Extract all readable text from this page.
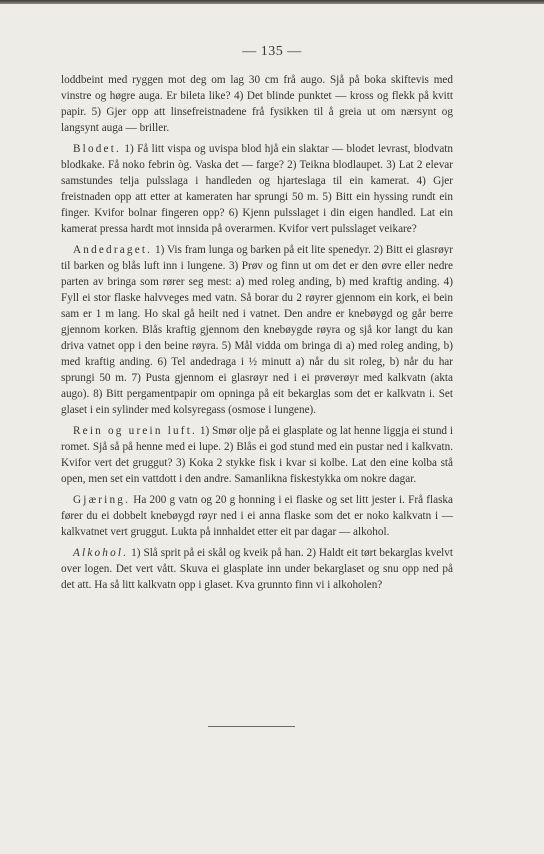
— 135 —

loddbeint med ryggen mot deg om lag 30 cm frå augo. Sjå på boka skiftevis med vinstre og høgre auga. Er bileta like? 4) Det blinde punktet — kross og flekk på kvitt papir. 5) Gjer opp att linsefreistnadene frå fysikken til å greia ut om nærsynt og langsynt auga — briller.

Blodet. 1) Få litt vispa og uvispa blod hjå ein slaktar — blodet levrast, blodvatn blodkake. Få noko febrin òg. Vaska det — farge? 2) Teikna blodlaupet. 3) Lat 2 elevar samstundes telja pulsslaga i handleden og hjarteslaga til ein kamerat. 4) Gjer freistnaden opp att etter at kameraten har sprungi 50 m. 5) Bitt ein hyssing rundt ein finger. Kvifor bolnar fingeren opp? 6) Kjenn pulsslaget i din eigen handled. Lat ein kamerat pressa hardt mot innsida på overarmen. Kvifor vert pulsslaget veikare?

Andedraget. 1) Vis fram lunga og barken på eit lite spenedyr. 2) Bitt ei glasrøyr til barken og blås luft inn i lungene. 3) Prøv og finn ut om det er den øvre eller nedre parten av bringa som rører seg mest: a) med roleg anding, b) med kraftig anding. 4) Fyll ei stor flaske halvveges med vatn. Så borar du 2 røyrer gjennom ein kork, ei bein sam er 1 m lang. Ho skal gå heilt ned i vatnet. Den andre er knebøygd og går berre gjennom korken. Blås kraftig gjennom den knebøygde røyra og sjå kor langt du kan driva vatnet opp i den beine røyra. 5) Mål vidda om bringa di a) med roleg anding, b) med kraftig anding. 6) Tel andedraga i ½ minutt a) når du sit roleg, b) når du har sprungi 50 m. 7) Pusta gjennom ei glasrøyr ned i ei prøverøyr med kalkvatn (akta augo). 8) Bitt pergamentpapir om opninga på eit bekarglas som det er kalkvatn i. Set glaset i ein sylinder med kolsyregass (osmose i lungene).

Rein og urein luft. 1) Smør olje på ei glasplate og lat henne liggja ei stund i romet. Sjå så på henne med ei lupe. 2) Blås ei god stund med ein pustar ned i kalkvatn. Kvifor vert det gruggut? 3) Koka 2 stykke fisk i kvar si kolbe. Lat den eine kolba stå open, men set ein vattdott i den andre. Samanlikna fiskestykka om nokre dagar.

Gjæring. Ha 200 g vatn og 20 g honning i ei flaske og set litt jester i. Frå flaska fører du ei dobbelt knebøygd røyr ned i ei anna flaske som det er noko kalkvatn i — kalkvatnet vert gruggut. Lukta på innhaldet etter eit par dagar — alkohol.

Alkohol. 1) Slå sprit på ei skål og kveik på han. 2) Haldt eit tørt bekarglas kvelvt over logen. Det vert vått. Skuva ei glasplate inn under bekarglaset og snu opp ned på det att. Ha så litt kalkvatn opp i glaset. Kva grunnto finn vi i alkoholen?
